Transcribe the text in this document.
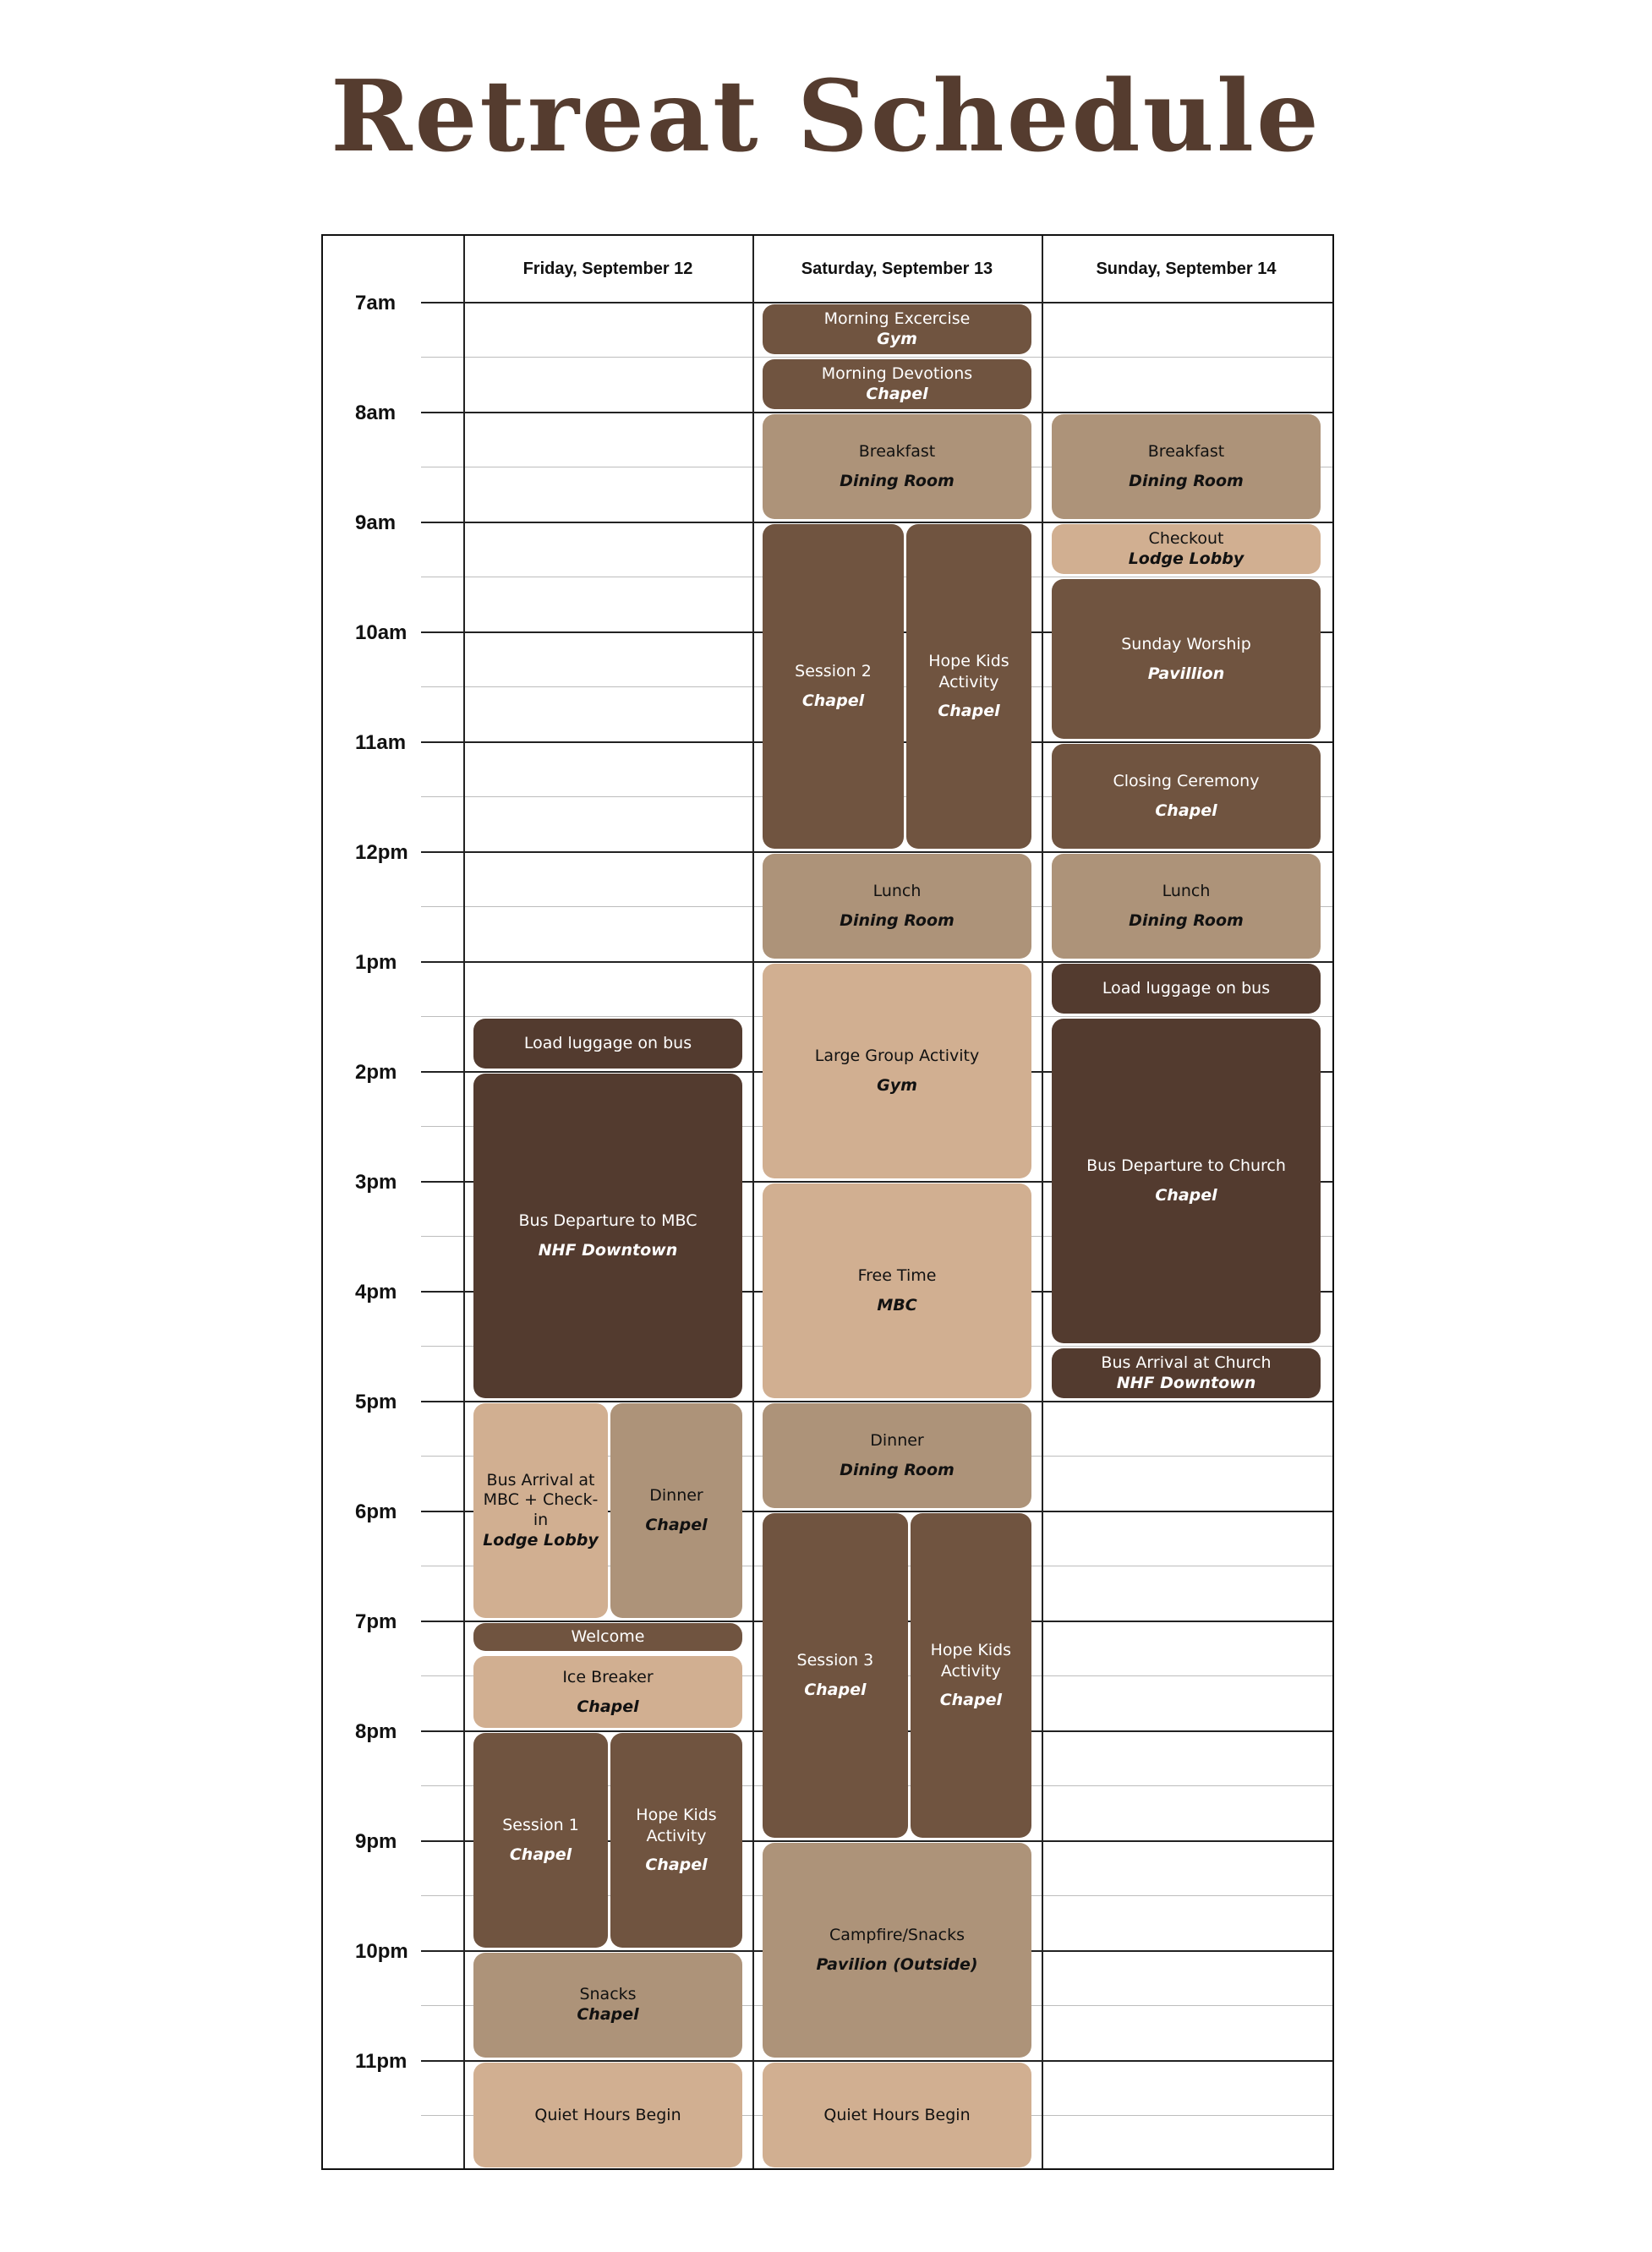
Retreat Schedule
Friday, September 12	Saturday, September 13	Sunday, September 14
7am
8am
9am
10am
11am
12pm
1pm
2pm
3pm
4pm
5pm
6pm
7pm
8pm
9pm
10pm
11pm
Load luggage on bus
Bus Departure to MBC
NHF Downtown
Bus Arrival at MBC + Check-in
Lodge Lobby
Dinner
Chapel
Welcome
Ice Breaker
Chapel
Session 1
Chapel
Hope Kids Activity
Chapel
Snacks
Chapel
Quiet Hours Begin
Morning Excercise
Gym
Morning Devotions
Chapel
Breakfast
Dining Room
Session 2
Chapel
Hope Kids Activity
Chapel
Lunch
Dining Room
Large Group Activity
Gym
Free Time
MBC
Dinner
Dining Room
Session 3
Chapel
Hope Kids Activity
Chapel
Campfire/Snacks
Pavilion (Outside)
Quiet Hours Begin
Breakfast
Dining Room
Checkout
Lodge Lobby
Sunday Worship
Pavillion
Closing Ceremony
Chapel
Lunch
Dining Room
Load luggage on bus
Bus Departure to Church
Chapel
Bus Arrival at Church
NHF Downtown
